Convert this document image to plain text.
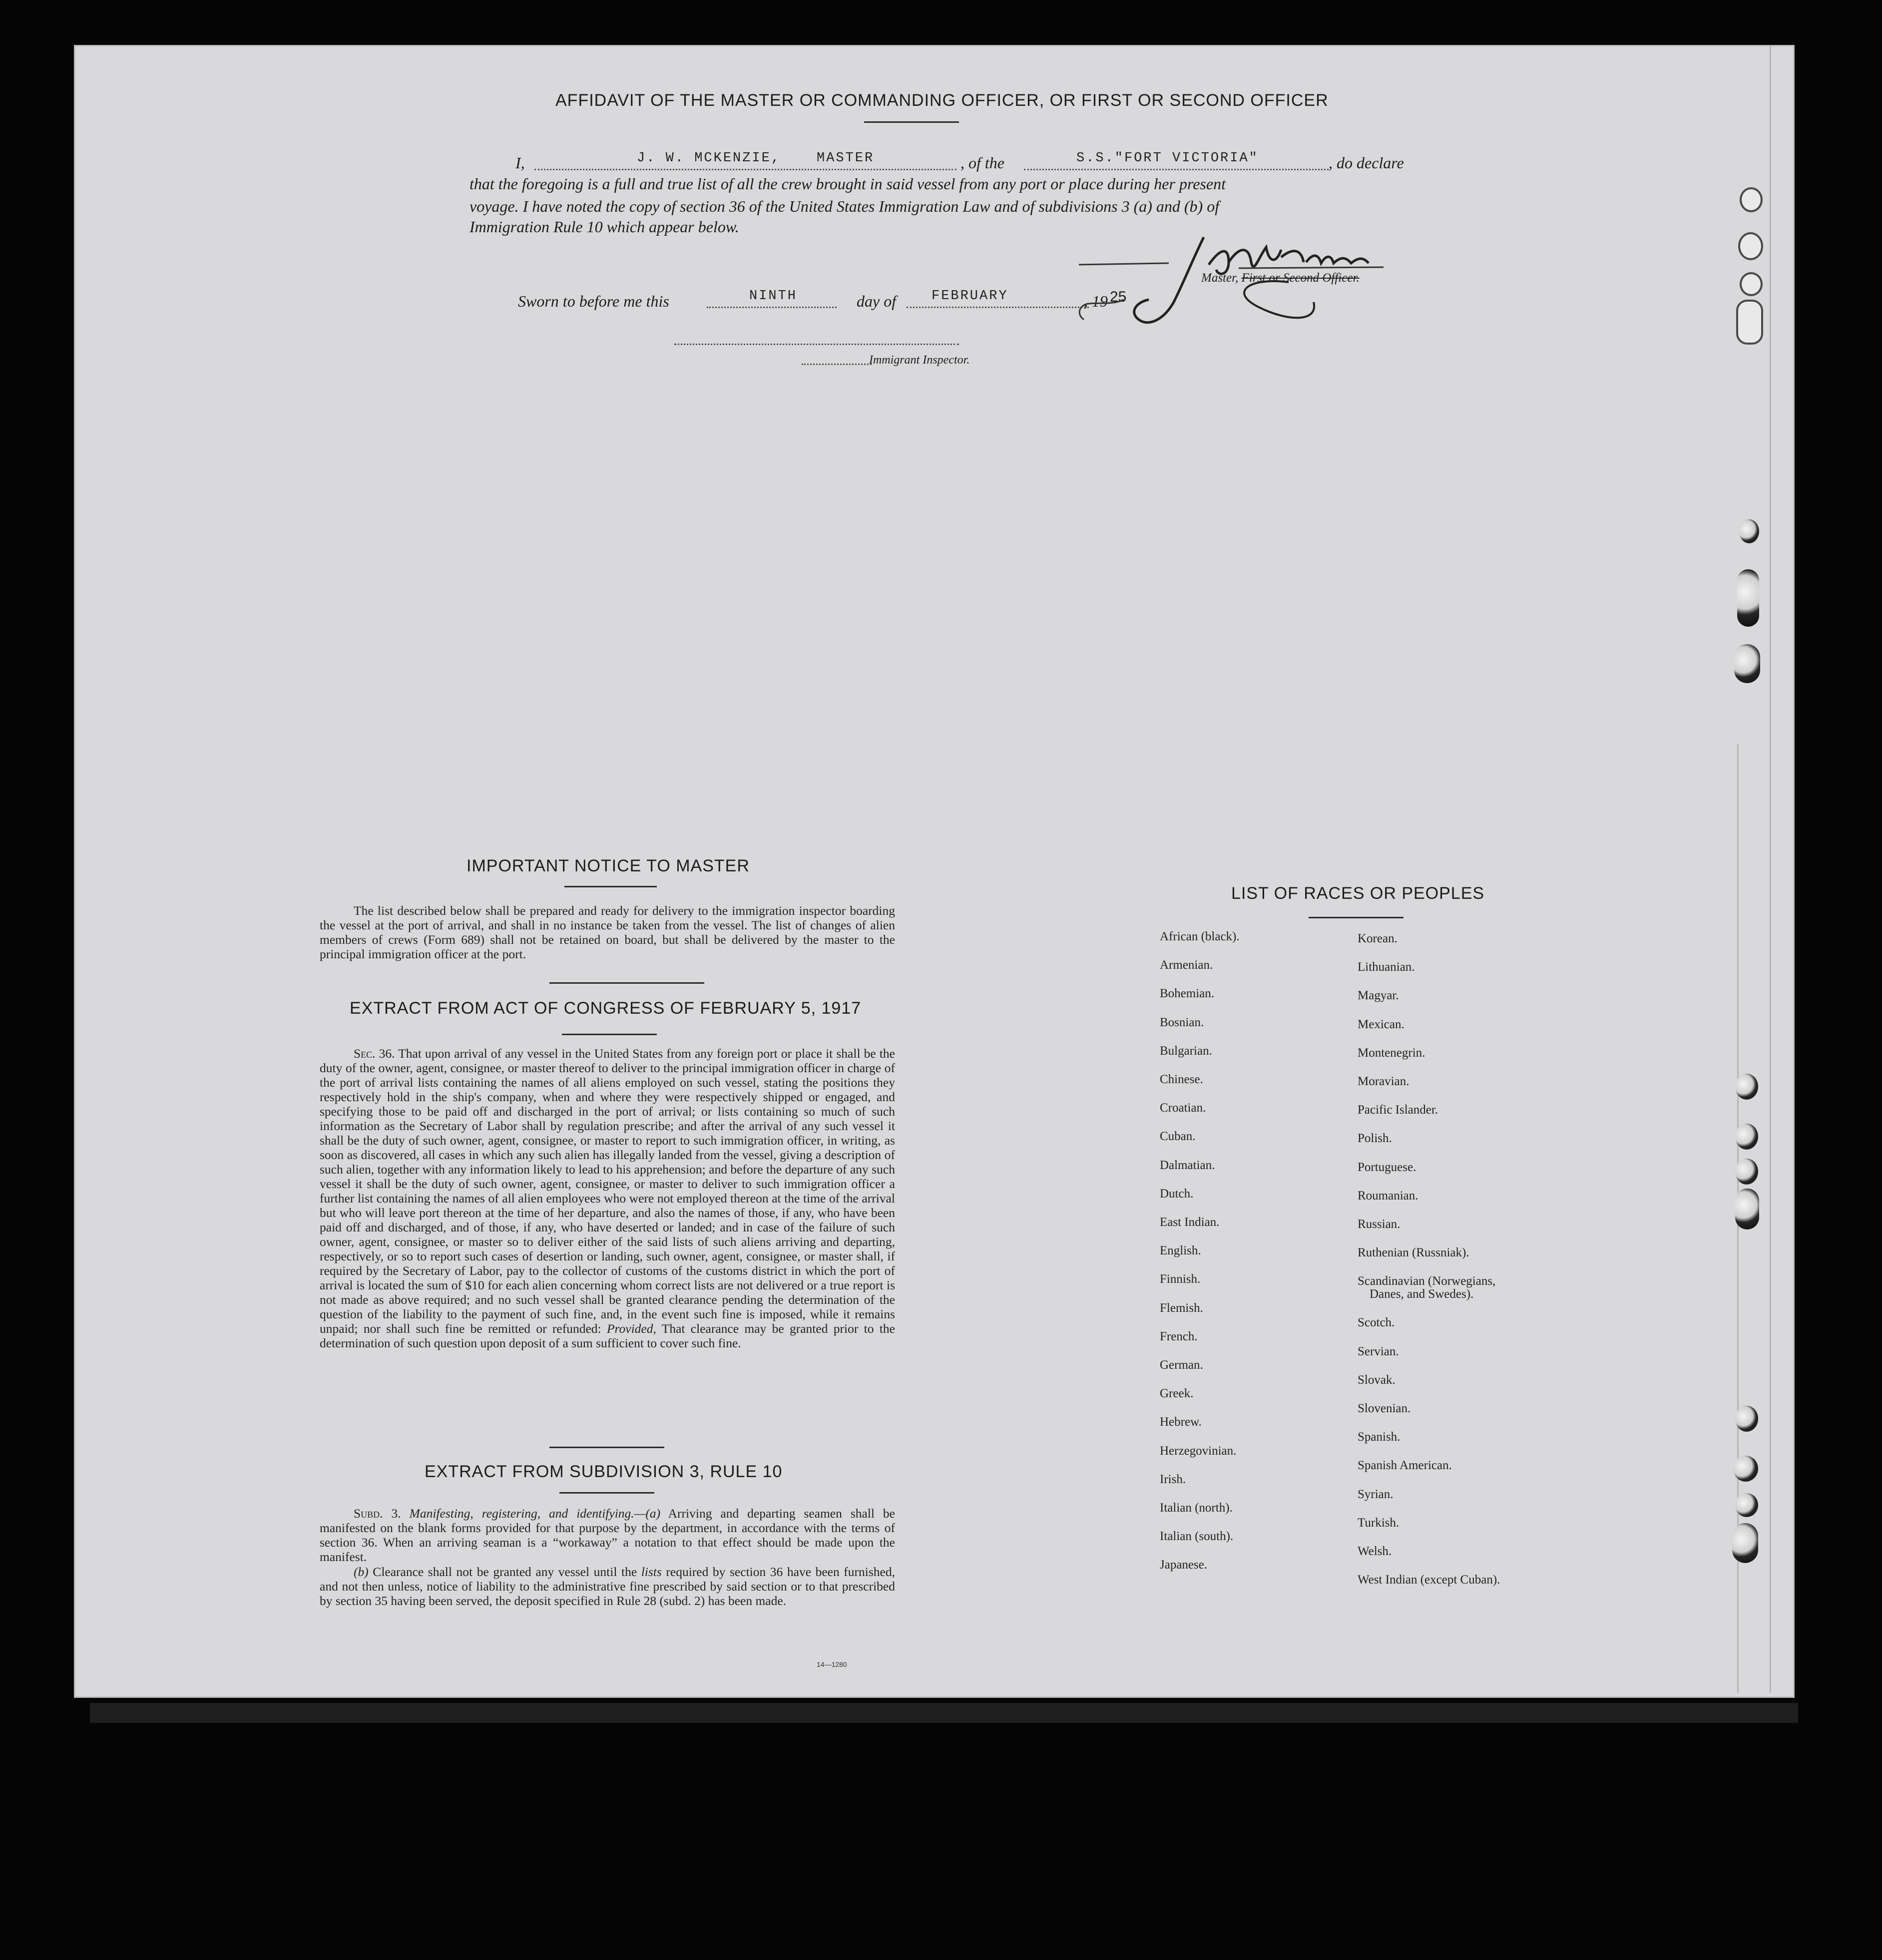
AFFIDAVIT OF THE MASTER OR COMMANDING OFFICER, OR FIRST OR SECOND OFFICER
I,	J. W. MCKENZIE,	MASTER	, of the	S.S."FORT VICTORIA"	, do declare
that the foregoing is a full and true list of all the crew brought in said vessel from any port or place during her present
voyage. I have noted the copy of section 36 of the United States Immigration Law and of subdivisions 3 (a) and (b) of
Immigration Rule 10 which appear below.
Master, First or Second Officer.
Sworn to before me this	NINTH	day of	FEBRUARY	, 19 25
Immigrant Inspector.
IMPORTANT NOTICE TO MASTER
The list described below shall be prepared and ready for delivery to the immigration inspector boarding the vessel at the port of arrival, and shall in no instance be taken from the vessel. The list of changes of alien members of crews (Form 689) shall not be retained on board, but shall be delivered by the master to the principal immigration officer at the port.
EXTRACT FROM ACT OF CONGRESS OF FEBRUARY 5, 1917
Sec. 36. That upon arrival of any vessel in the United States from any foreign port or place it shall be the duty of the owner, agent, consignee, or master thereof to deliver to the principal immigration officer in charge of the port of arrival lists containing the names of all aliens employed on such vessel, stating the positions they respectively hold in the ship's company, when and where they were respectively shipped or engaged, and specifying those to be paid off and discharged in the port of arrival; or lists containing so much of such information as the Secretary of Labor shall by regulation prescribe; and after the arrival of any such vessel it shall be the duty of such owner, agent, consignee, or master to report to such immigration officer, in writing, as soon as discovered, all cases in which any such alien has illegally landed from the vessel, giving a description of such alien, together with any information likely to lead to his apprehension; and before the departure of any such vessel it shall be the duty of such owner, agent, consignee, or master to deliver to such immigration officer a further list containing the names of all alien employees who were not employed thereon at the time of the arrival but who will leave port thereon at the time of her departure, and also the names of those, if any, who have been paid off and discharged, and of those, if any, who have deserted or landed; and in case of the failure of such owner, agent, consignee, or master so to deliver either of the said lists of such aliens arriving and departing, respectively, or so to report such cases of desertion or landing, such owner, agent, consignee, or master shall, if required by the Secretary of Labor, pay to the collector of customs of the customs district in which the port of arrival is located the sum of $10 for each alien concerning whom correct lists are not delivered or a true report is not made as above required; and no such vessel shall be granted clearance pending the determination of the question of the liability to the payment of such fine, and, in the event such fine is imposed, while it remains unpaid; nor shall such fine be remitted or refunded: Provided, That clearance may be granted prior to the determination of such question upon deposit of a sum sufficient to cover such fine.
EXTRACT FROM SUBDIVISION 3, RULE 10
Subd. 3. Manifesting, registering, and identifying.—(a) Arriving and departing seamen shall be manifested on the blank forms provided for that purpose by the department, in accordance with the terms of section 36. When an arriving seaman is a “workaway” a notation to that effect should be made upon the manifest.
(b) Clearance shall not be granted any vessel until the lists required by section 36 have been furnished, and not then unless, notice of liability to the administrative fine prescribed by said section or to that prescribed by section 35 having been served, the deposit specified in Rule 28 (subd. 2) has been made.
14—1280
LIST OF RACES OR PEOPLES
African (black).
Armenian.
Bohemian.
Bosnian.
Bulgarian.
Chinese.
Croatian.
Cuban.
Dalmatian.
Dutch.
East Indian.
English.
Finnish.
Flemish.
French.
German.
Greek.
Hebrew.
Herzegovinian.
Irish.
Italian (north).
Italian (south).
Japanese.
Korean.
Lithuanian.
Magyar.
Mexican.
Montenegrin.
Moravian.
Pacific Islander.
Polish.
Portuguese.
Roumanian.
Russian.
Ruthenian (Russniak).
Scandinavian (Norwegians,
Danes, and Swedes).
Scotch.
Servian.
Slovak.
Slovenian.
Spanish.
Spanish American.
Syrian.
Turkish.
Welsh.
West Indian (except Cuban).
